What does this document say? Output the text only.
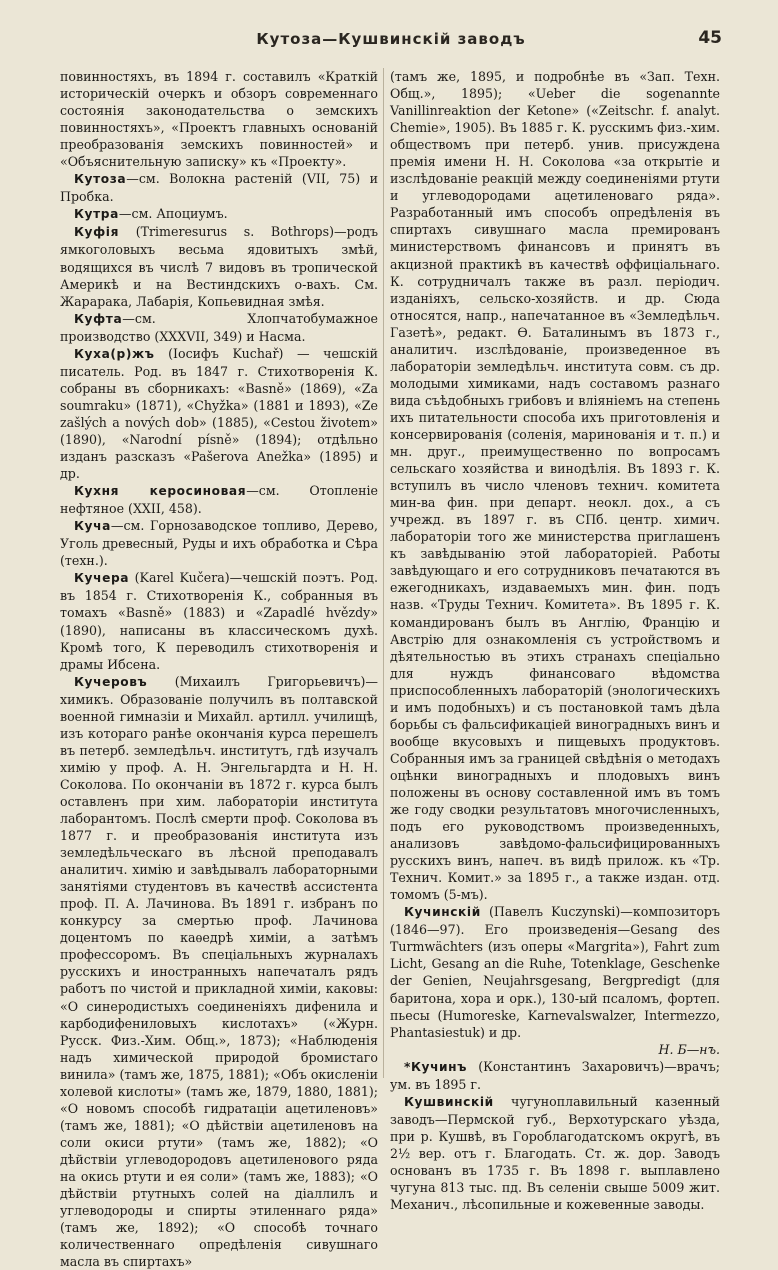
Кутоза—Кушвинскій заводъ	45

повинностяхъ, въ 1894 г. составилъ «Краткій историческій очеркъ и обзоръ современнаго состоянія законодательства о земскихъ повинностяхъ», «Проектъ главныхъ основаній преобразованія земскихъ повинностей» и «Объяснительную записку» къ «Проекту».

Кутоза—см. Волокна растеній (VII, 75) и Пробка.

Кутра—см. Апоциумъ.

Куфія (Trimeresurus s. Bothrops)—родъ ямкоголовыхъ весьма ядовитыхъ змѣй, водящихся въ числѣ 7 видовъ въ тропической Америкѣ и на Вестиндскихъ о-вахъ. См. Жарарака, Лабарія, Копьевидная змѣя.

Куфта—см. Хлопчатобумажное производство (XXXVII, 349) и Насма.

Куха(р)жъ (Іосифъ Kuchař) — чешскій писатель. Род. въ 1847 г. Стихотворенія К. собраны въ сборникахъ: «Basně» (1869), «Za soumraku» (1871), «Chyžka» (1881 и 1893), «Ze zašlých a nových dob» (1885), «Cestou životem» (1890), «Narodní písně» (1894); отдѣльно изданъ разсказъ «Pašerova Anežka» (1895) и др.

Кухня керосиновая—см. Отопленіе нефтяное (XXII, 458).

Куча—см. Горнозаводское топливо, Дерево, Уголь древесный, Руды и ихъ обработка и Сѣра (техн.).

Кучера (Karel Kučera)—чешскій поэтъ. Род. въ 1854 г. Стихотворенія К., собранныя въ томахъ «Basně» (1883) и «Zapadlé hvězdy» (1890), написаны въ классическомъ духѣ. Кромѣ того, К переводилъ стихотворенія и драмы Ибсена.

Кучеровъ (Михаилъ Григорьевичъ)—химикъ. Образованіе получилъ въ полтавской военной гимназіи и Михайл. артилл. училищѣ, изъ котораго ранѣе окончанія курса перешелъ въ петерб. земледѣльч. институтъ, гдѣ изучалъ химію у проф. А. Н. Энгельгардта и Н. Н. Соколова. По окончаніи въ 1872 г. курса былъ оставленъ при хим. лабораторіи института лаборантомъ. Послѣ смерти проф. Соколова въ 1877 г. и преобразованія института изъ земледѣльческаго въ лѣсной преподавалъ аналитич. химію и завѣдывалъ лабораторными занятіями студентовъ въ качествѣ ассистента проф. П. А. Лачинова. Въ 1891 г. избранъ по конкурсу за смертью проф. Лачинова доцентомъ по каѳедрѣ химіи, а затѣмъ профессоромъ. Въ спеціальныхъ журналахъ русскихъ и иностранныхъ напечаталъ рядъ работъ по чистой и прикладной химіи, каковы: «О синеродистыхъ соединеніяхъ дифенила и карбодифениловыхъ кислотахъ» («Журн. Русск. Физ.-Хим. Общ.», 1873); «Наблюденія надъ химической природой бромистаго винила» (тамъ же, 1875, 1881); «Объ окисленіи холевой кислоты» (тамъ же, 1879, 1880, 1881); «О новомъ способѣ гидратаціи ацетиленовъ» (тамъ же, 1881); «О дѣйствіи ацетиленовъ на соли окиси ртути» (тамъ же, 1882); «О дѣйствіи углеводородовъ ацетиленового ряда на окись ртути и ея соли» (тамъ же, 1883); «О дѣйствіи ртутныхъ солей на діаллилъ и углеводороды и спирты этиленнаго ряда» (тамъ же, 1892); «О способѣ точнаго количественнаго опредѣленія сивушнаго масла въ спиртахъ»

(тамъ же, 1895, и подробнѣе въ «Зап. Техн. Общ.», 1895); «Ueber die sogenannte Vanillinreaktion der Ketone» («Zeitschr. f. analyt. Chemie», 1905). Въ 1885 г. К. русскимъ физ.-хим. обществомъ при петерб. унив. присуждена премія имени Н. Н. Соколова «за открытіе и изслѣдованіе реакцій между соединеніями ртути и углеводородами ацетиленоваго ряда». Разработанный имъ способъ опредѣленія въ спиртахъ сивушнаго масла премированъ министерствомъ финансовъ и принятъ въ акцизной практикѣ въ качествѣ оффиціальнаго. К. сотрудничалъ также въ разл. періодич. изданіяхъ, сельско-хозяйств. и др. Сюда относятся, напр., напечатанное въ «Земледѣльч. Газетѣ», редакт. Ѳ. Баталинымъ въ 1873 г., аналитич. изслѣдованіе, произведенное въ лабораторіи земледѣльч. института совм. съ др. молодыми химиками, надъ составомъ разнаго вида съѣдобныхъ грибовъ и вліяніемъ на степень ихъ питательности способа ихъ приготовленія и консервированія (соленія, маринованія и т. п.) и мн. друг., преимущественно по вопросамъ сельскаго хозяйства и винодѣлія. Въ 1893 г. К. вступилъ въ число членовъ технич. комитета мин-ва фин. при департ. неокл. дох., а съ учрежд. въ 1897 г. въ СПб. центр. химич. лабораторіи того же министерства приглашенъ къ завѣдыванію этой лабораторіей. Работы завѣдующаго и его сотрудниковъ печатаются въ ежегодникахъ, издаваемыхъ мин. фин. подъ назв. «Труды Технич. Комитета». Въ 1895 г. К. командированъ былъ въ Англію, Францію и Австрію для ознакомленія съ устройствомъ и дѣятельностью въ этихъ странахъ спеціально для нуждъ финансоваго вѣдомства приспособленныхъ лабораторій (энологическихъ и имъ подобныхъ) и съ постановкой тамъ дѣла борьбы съ фальсификаціей виноградныхъ винъ и вообще вкусовыхъ и пищевыхъ продуктовъ. Собранныя имъ за границей свѣдѣнія о методахъ оцѣнки виноградныхъ и плодовыхъ винъ положены въ основу составленной имъ въ томъ же году сводки результатовъ многочисленныхъ, подъ его руководствомъ произведенныхъ, анализовъ завѣдомо-фальсифицированныхъ русскихъ винъ, напеч. въ видѣ прилож. къ «Тр. Технич. Комит.» за 1895 г., а также издан. отд. томомъ (5-мъ).

Кучинскій (Павелъ Kuczynski)—композиторъ (1846—97). Его произведенія—Gesang des Turmwächters (изъ оперы «Margrita»), Fahrt zum Licht, Gesang an die Ruhe, Totenklage, Geschenke der Genien, Neujahrsgesang, Bergpredigt (для баритона, хора и орк.), 130-ый псаломъ, фортеп. пьесы (Humoreske, Karnevalswalzer, Intermezzo, Phantasiestuk) и др.
Н. Б—нъ.

*Кучинъ (Константинъ Захаровичъ)—врачъ; ум. въ 1895 г.

Кушвинскій чугуноплавильный казенный заводъ—Пермской губ., Верхотурскаго уѣзда, при р. Кушвѣ, въ Гороблагодатскомъ округѣ, въ 2½ вер. отъ г. Благодать. Ст. ж. дор. Заводъ основанъ въ 1735 г. Въ 1898 г. выплавлено чугуна 813 тыс. пд. Въ селеніи свыше 5009 жит. Механич., лѣсопильные и кожевенные заводы.
